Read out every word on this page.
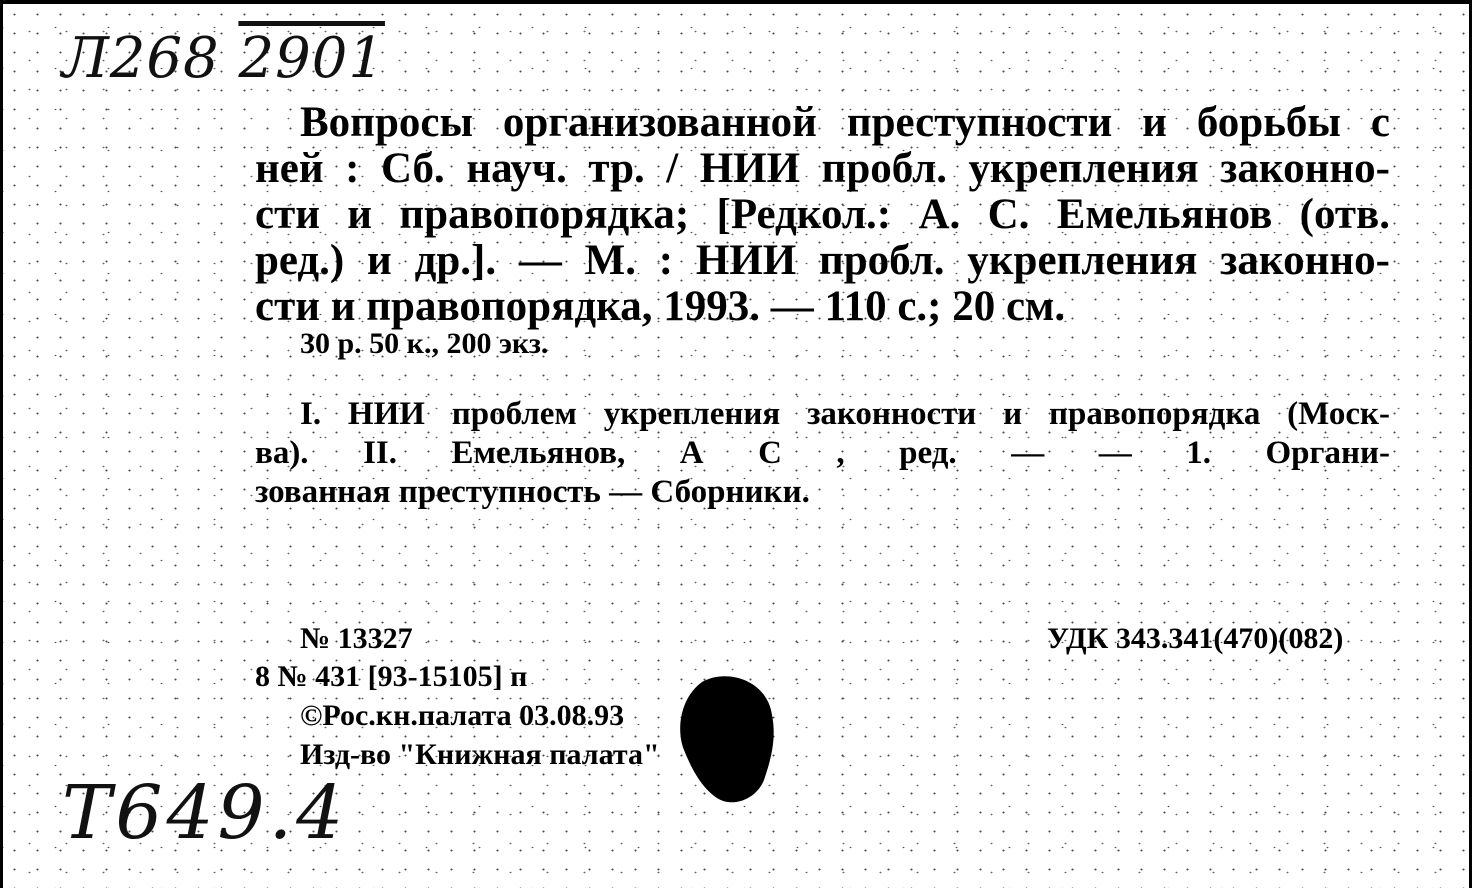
Л268 2901
Вопросы организованной преступности и борьбы с
ней : Сб. науч. тр. / НИИ пробл. укрепления законно-
сти и правопорядка; [Редкол.: А. С. Емельянов (отв.
ред.) и др.]. — М. : НИИ пробл. укрепления законно-
сти и правопорядка, 1993. — 110 с.; 20 см.
30 р. 50 к., 200 экз.
I. НИИ проблем укрепления законности и правопорядка (Моск-
ва). II. Емельянов, А С , ред. — — 1. Органи-
зованная преступность — Сборники.
№ 13327	УДК 343.341(470)(082)
8 № 431 [93-15105] п
©Рос.кн.палата 03.08.93
Изд-во "Книжная палата"
Т649.4
